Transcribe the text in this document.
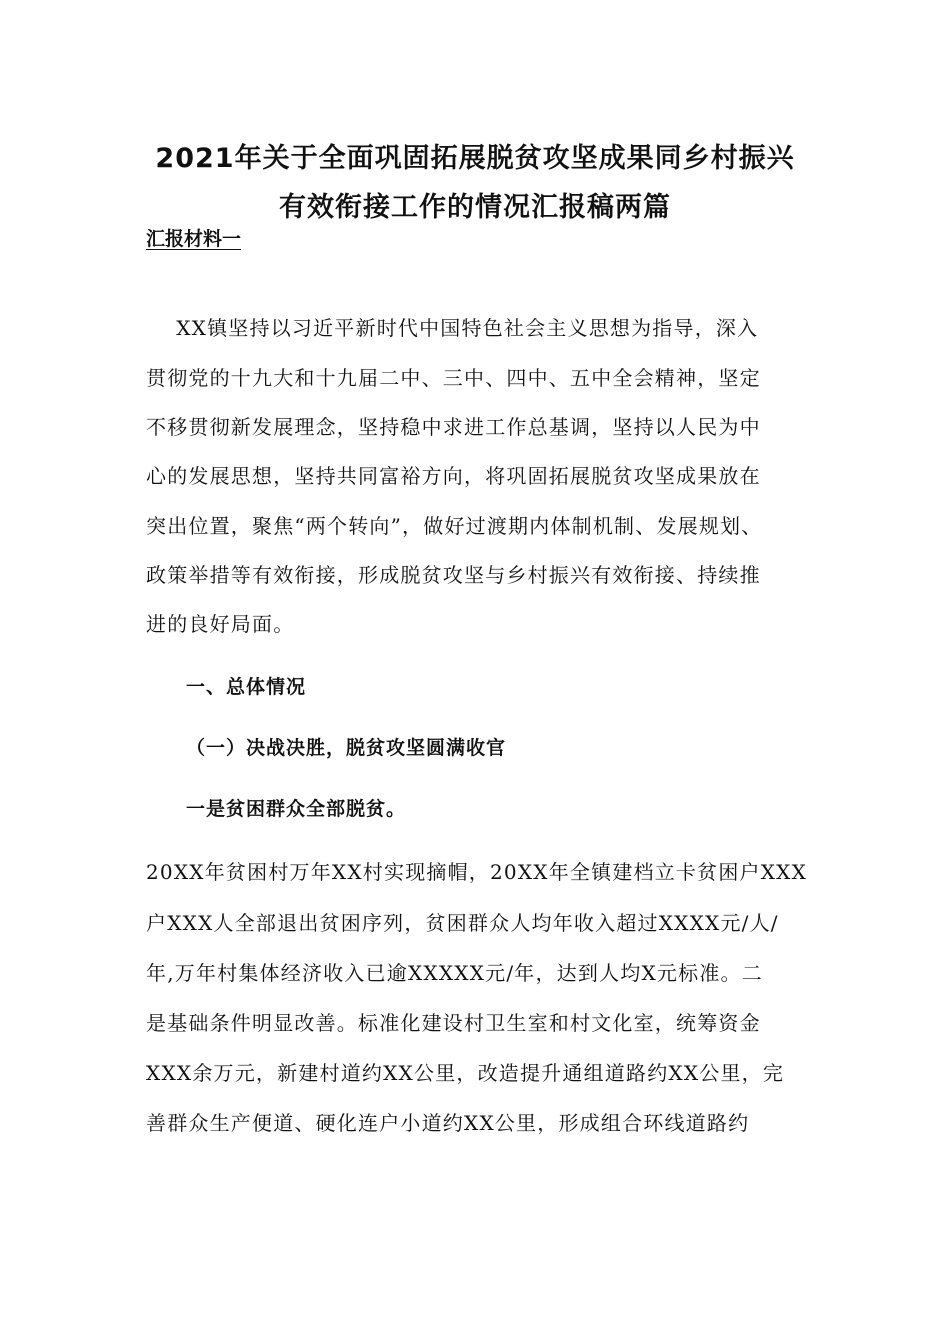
2021年关于全面巩固拓展脱贫攻坚成果同乡村振兴
有效衔接工作的情况汇报稿两篇
汇报材料一
XX镇坚持以习近平新时代中国特色社会主义思想为指导，深入
贯彻党的十九大和十九届二中、三中、四中、五中全会精神，坚定
不移贯彻新发展理念，坚持稳中求进工作总基调，坚持以人民为中
心的发展思想，坚持共同富裕方向，将巩固拓展脱贫攻坚成果放在
突出位置，聚焦“两个转向”，做好过渡期内体制机制、发展规划、
政策举措等有效衔接，形成脱贫攻坚与乡村振兴有效衔接、持续推
进的良好局面。
一、总体情况
（一）决战决胜，脱贫攻坚圆满收官
一是贫困群众全部脱贫。
20XX年贫困村万年XX村实现摘帽，20XX年全镇建档立卡贫困户XXX
户XXX人全部退出贫困序列，贫困群众人均年收入超过XXXX元/人/
年,万年村集体经济收入已逾XXXXX元/年，达到人均X元标准。二
是基础条件明显改善。标准化建设村卫生室和村文化室，统筹资金
XXX余万元，新建村道约XX公里，改造提升通组道路约XX公里，完
善群众生产便道、硬化连户小道约XX公里，形成组合环线道路约
